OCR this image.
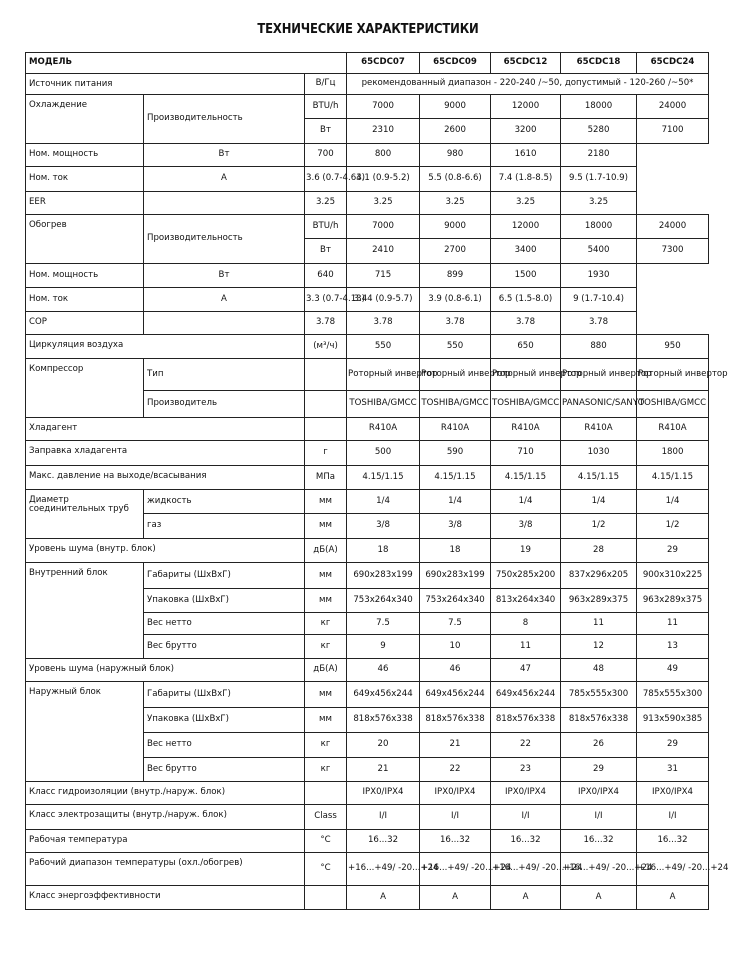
ТЕХНИЧЕСКИЕ ХАРАКТЕРИСТИКИ
МОДЕЛЬ			65CDC07	65CDC09	65CDC12	65CDC18	65CDC24
Источник питания		В/Гц	рекомендованный диапазон - 220-240 /~50, допустимый - 120-260 /~50*				
Охлаждение	Производительность	BTU/h	7000	9000	12000	18000	24000
		Вт	2310	2600	3200	5280	7100
Ном. мощность	Вт	700	800	980	1610	2180	
Ном. ток	А	3.6 (0.7-4.63)	4.1 (0.9-5.2)	5.5 (0.8-6.6)	7.4 (1.8-8.5)	9.5 (1.7-10.9)	
EER		3.25	3.25	3.25	3.25	3.25	
Обогрев	Производительность	BTU/h	7000	9000	12000	18000	24000
		Вт	2410	2700	3400	5400	7300
Ном. мощность	Вт	640	715	899	1500	1930	
Ном. ток	А	3.3 (0.7-4.13)	3.44 (0.9-5.7)	3.9 (0.8-6.1)	6.5 (1.5-8.0)	9 (1.7-10.4)	
COP		3.78	3.78	3.78	3.78	3.78	
Циркуляция воздуха		(м³/ч)	550	550	650	880	950
Компрессор	Тип		Роторный инвертор	Роторный инвертор	Роторный инвертор	Роторный инвертор	Роторный инвертор
	Производитель		TOSHIBA/GMCC	TOSHIBA/GMCC	TOSHIBA/GMCC	PANASONIC/SANYO	TOSHIBA/GMCC
Хладагент			R410A	R410A	R410A	R410A	R410A
Заправка хладагента		г	500	590	710	1030	1800
Макс. давление на выходе/всасывания		МПа	4.15/1.15	4.15/1.15	4.15/1.15	4.15/1.15	4.15/1.15
Диаметр соединительных труб	жидкость	мм	1/4	1/4	1/4	1/4	1/4
	газ	мм	3/8	3/8	3/8	1/2	1/2
Уровень шума (внутр. блок)		дБ(А)	18	18	19	28	29
Внутренний блок	Габариты (ШхВхГ)	мм	690x283x199	690x283x199	750x285x200	837x296x205	900x310x225
	Упаковка (ШхВхГ)	мм	753x264x340	753x264x340	813x264x340	963x289x375	963x289x375
	Вес нетто	кг	7.5	7.5	8	11	11
	Вес брутто	кг	9	10	11	12	13
Уровень шума (наружный блок)		дБ(А)	46	46	47	48	49
Наружный блок	Габариты (ШхВхГ)	мм	649x456x244	649x456x244	649x456x244	785x555x300	785x555x300
	Упаковка (ШхВхГ)	мм	818x576x338	818x576x338	818x576x338	818x576x338	913x590x385
	Вес нетто	кг	20	21	22	26	29
	Вес брутто	кг	21	22	23	29	31
Класс гидроизоляции (внутр./наруж. блок)			IPX0/IPX4	IPX0/IPX4	IPX0/IPX4	IPX0/IPX4	IPX0/IPX4
Класс электрозащиты (внутр./наруж. блок)		Class	I/I	I/I	I/I	I/I	I/I
Рабочая температура		°C	16...32	16...32	16...32	16...32	16...32
Рабочий диапазон температуры (охл./обогрев)		°C	+16...+49/ -20...+24	+16...+49/ -20...+24	+16...+49/ -20...+24	+16...+49/ -20...+24	+16...+49/ -20...+24
Класс энергоэффективности			A	A	A	A	A
